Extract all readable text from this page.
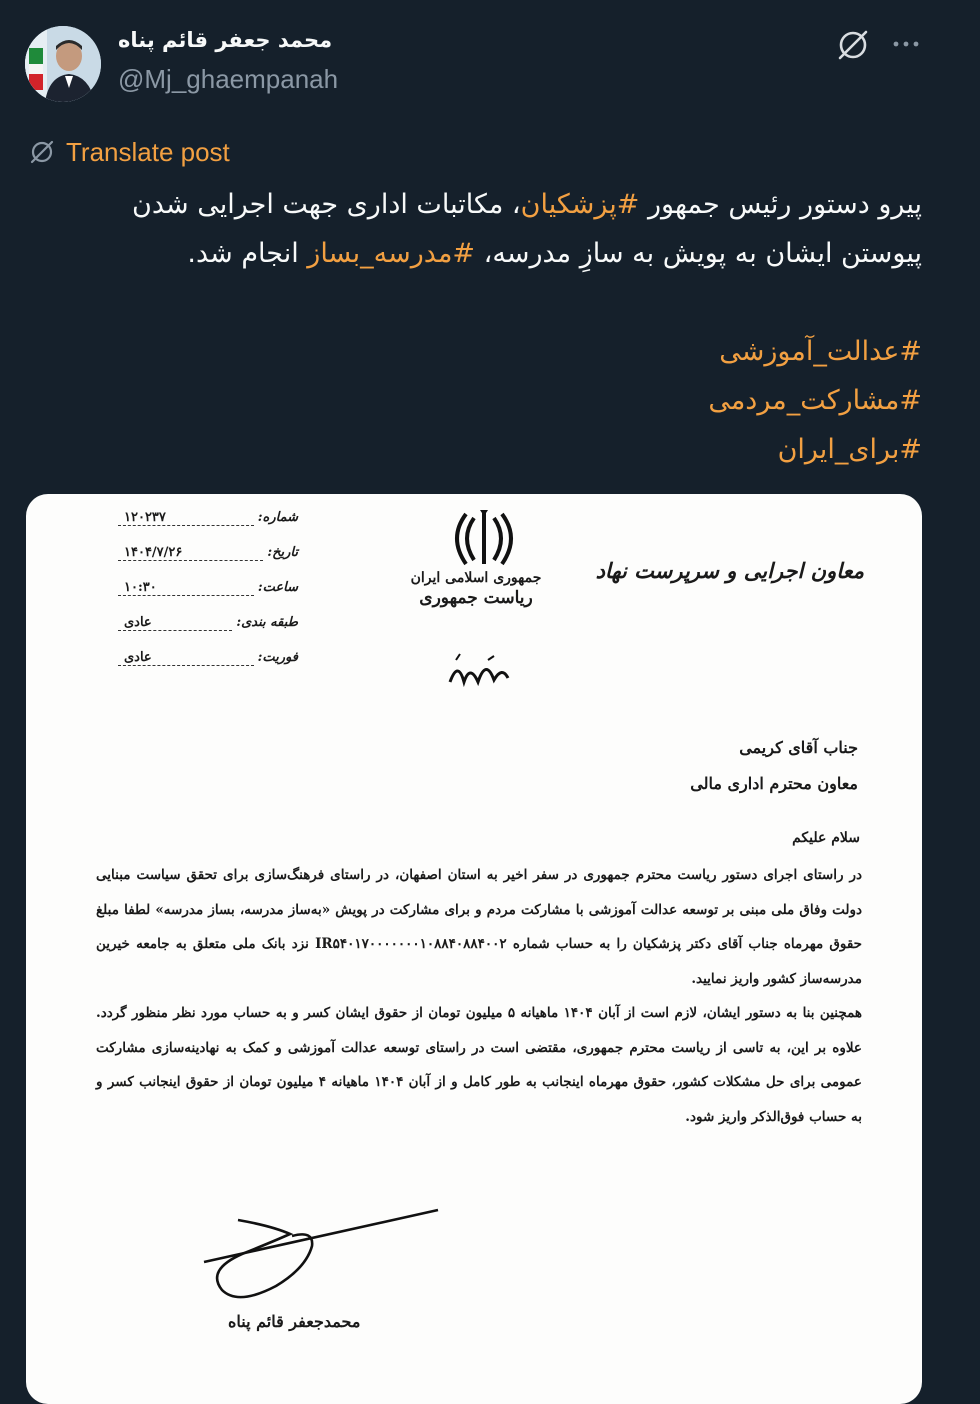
محمد جعفر قائم پناه
@Mj_ghaempanah
Translate post

پیرو دستور رئیس جمهور #پزشکیان، مکاتبات اداری جهت اجرایی شدن پیوستن ایشان به پویش به سازِ مدرسه، #مدرسه_بساز انجام شد.

#عدالت_آموزشی

#مشارکت_مردمی

#برای_ایران

شماره:
۱۲۰۲۳۷
تاریخ:
۱۴۰۴/۷/۲۶
ساعت:
۱۰:۳۰
طبقه بندی:
عادی
فوریت:
عادی
جمهوری اسلامی ایران
ریاست جمهوری
معاون اجرایی و سرپرست نهاد
جناب آقای کریمی
معاون محترم اداری مالی
سلام علیکم

در راستای اجرای دستور ریاست محترم جمهوری در سفر اخیر به استان اصفهان، در راستای فرهنگ‌سازی برای تحقق سیاست مبنایی دولت وفاق ملی مبنی بر توسعه عدالت آموزشی با مشارکت مردم و برای مشارکت در پویش «به‌ساز مدرسه، بساز مدرسه» لطفا مبلغ حقوق مهرماه جناب آقای دکتر پزشکیان را به حساب شماره IR۵۴۰۱۷۰۰۰۰۰۰۰۱۰۸۸۴۰۸۸۴۰۰۲ نزد بانک ملی متعلق به جامعه خیرین مدرسه‌ساز کشور واریز نمایید.

همچنین بنا به دستور ایشان، لازم است از آبان ۱۴۰۴ ماهیانه ۵ میلیون تومان از حقوق ایشان کسر و به حساب مورد نظر منظور گردد. علاوه بر این، به تاسی از ریاست محترم جمهوری، مقتضی است در راستای توسعه عدالت آموزشی و کمک به نهادینه‌سازی مشارکت عمومی برای حل مشکلات کشور، حقوق مهرماه اینجانب به طور کامل و از آبان ۱۴۰۴ ماهیانه ۴ میلیون تومان از حقوق اینجانب کسر و به حساب فوق‌الذکر واریز شود.

محمدجعفر قائم پناه
